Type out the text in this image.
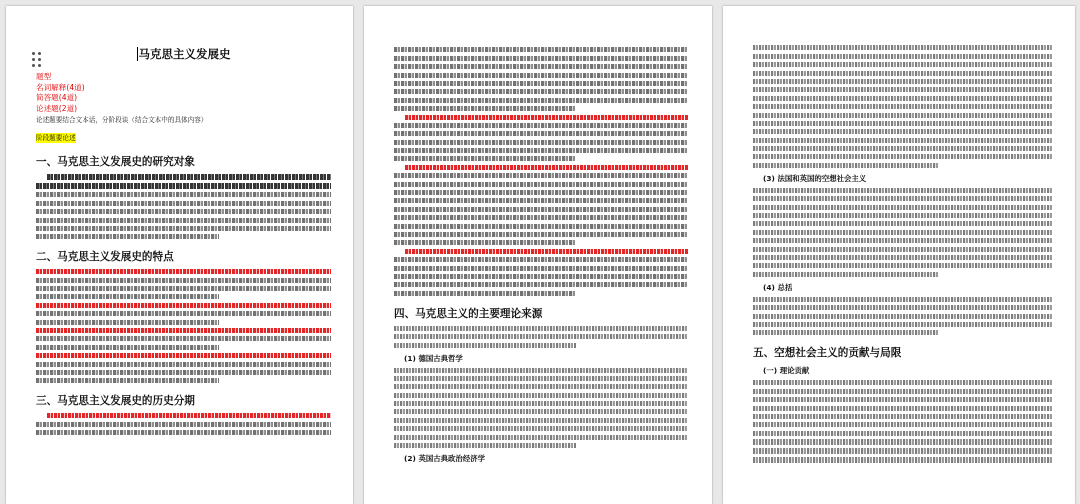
马克思主义发展史
题型
名词解释(4道)
简答题(4道)
论述题(2道)
论述题要结合文本话，分阶段谈（结合文本中的具体内容）
阶段题要论述
一、马克思主义发展史的研究对象
二、马克思主义发展史的特点
三、马克思主义发展史的历史分期
四、马克思主义的主要理论来源
(1) 德国古典哲学
(2) 英国古典政治经济学
(3) 法国和英国的空想社会主义
(4) 总括
五、空想社会主义的贡献与局限
(一) 理论贡献
